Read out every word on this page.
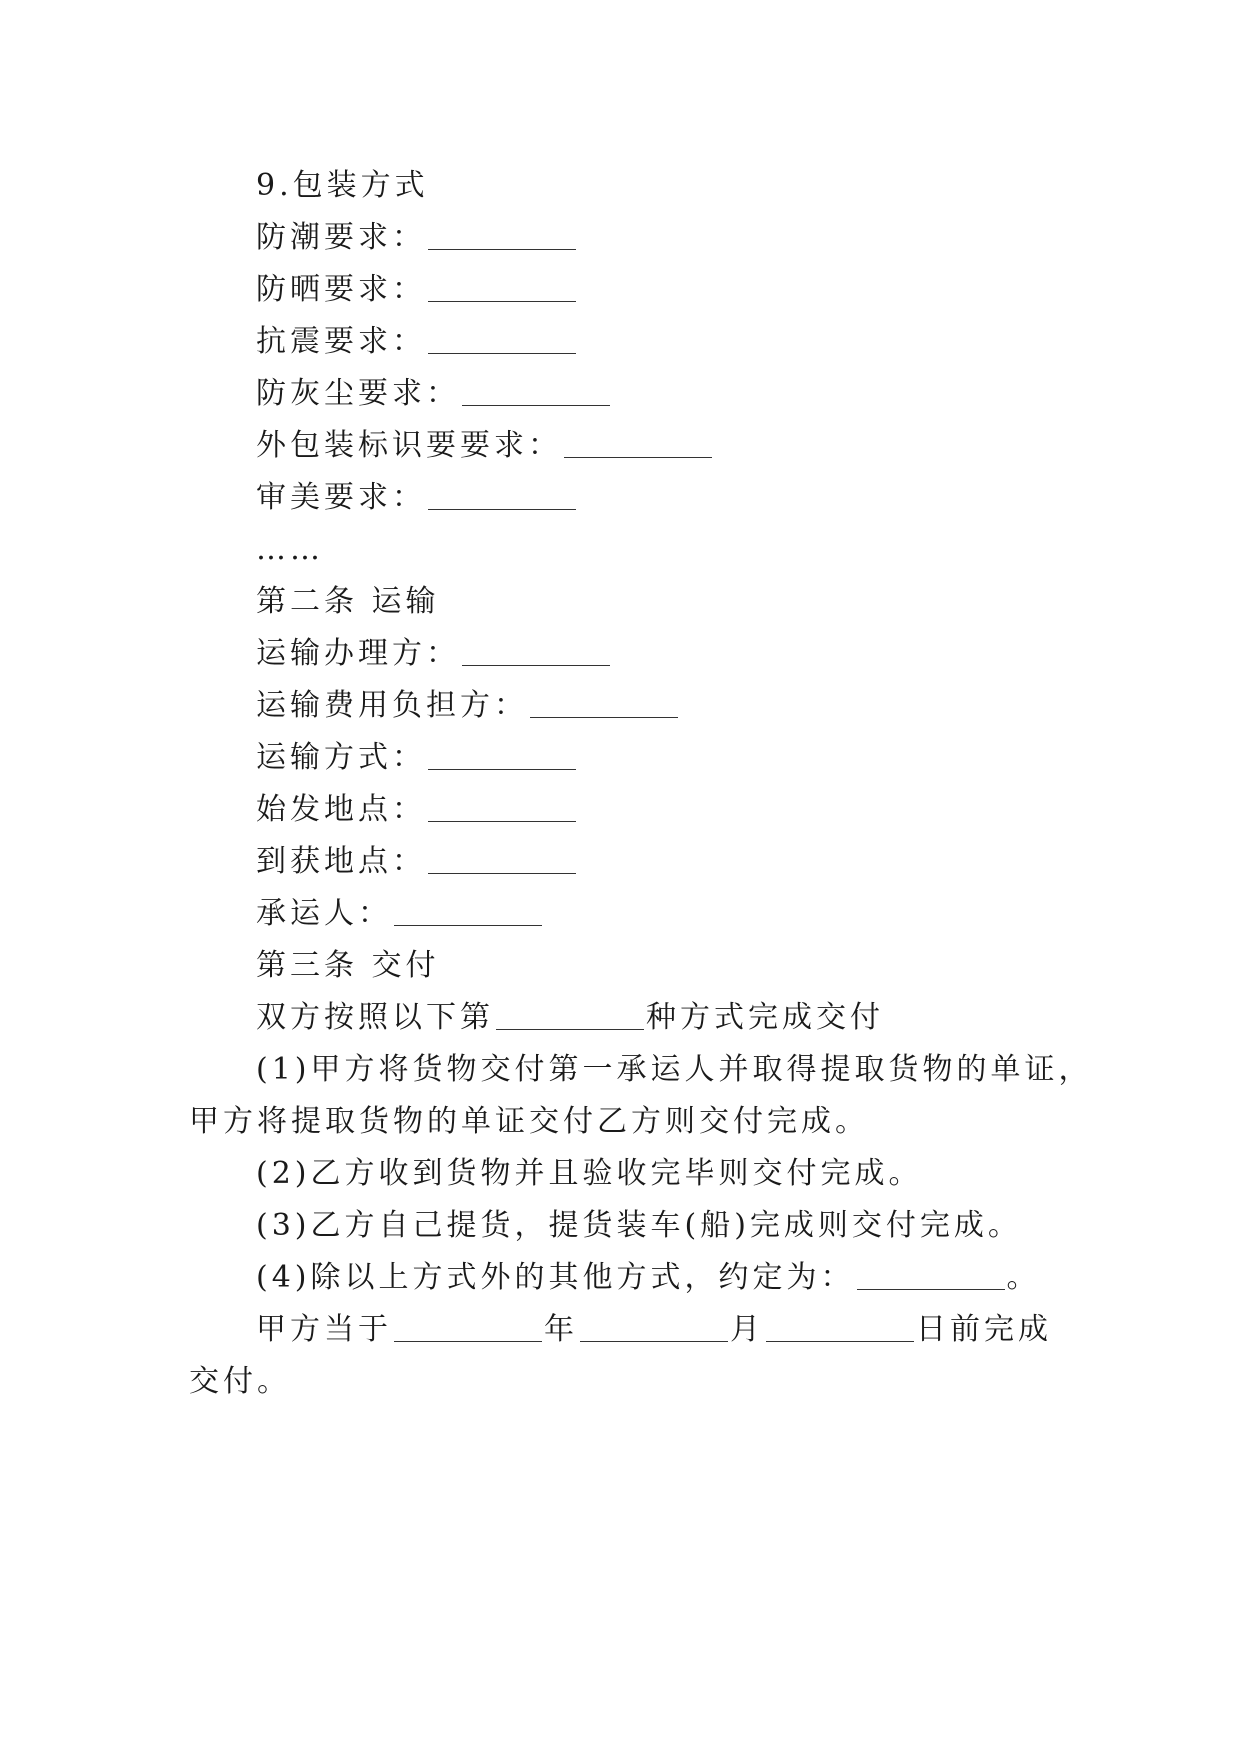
9.包装方式
防潮要求：
防晒要求：
抗震要求：
防灰尘要求：
外包装标识要要求：
审美要求：
……
第二条 运输
运输办理方：
运输费用负担方：
运输方式：
始发地点：
到获地点：
承运人：
第三条 交付
双方按照以下第	种方式完成交付
(1)甲方将货物交付第一承运人并取得提取货物的单证，
甲方将提取货物的单证交付乙方则交付完成。
(2)乙方收到货物并且验收完毕则交付完成。
(3)乙方自己提货，提货装车(船)完成则交付完成。
(4)除以上方式外的其他方式，约定为：	。
甲方当于	年	月	日前完成
交付。
